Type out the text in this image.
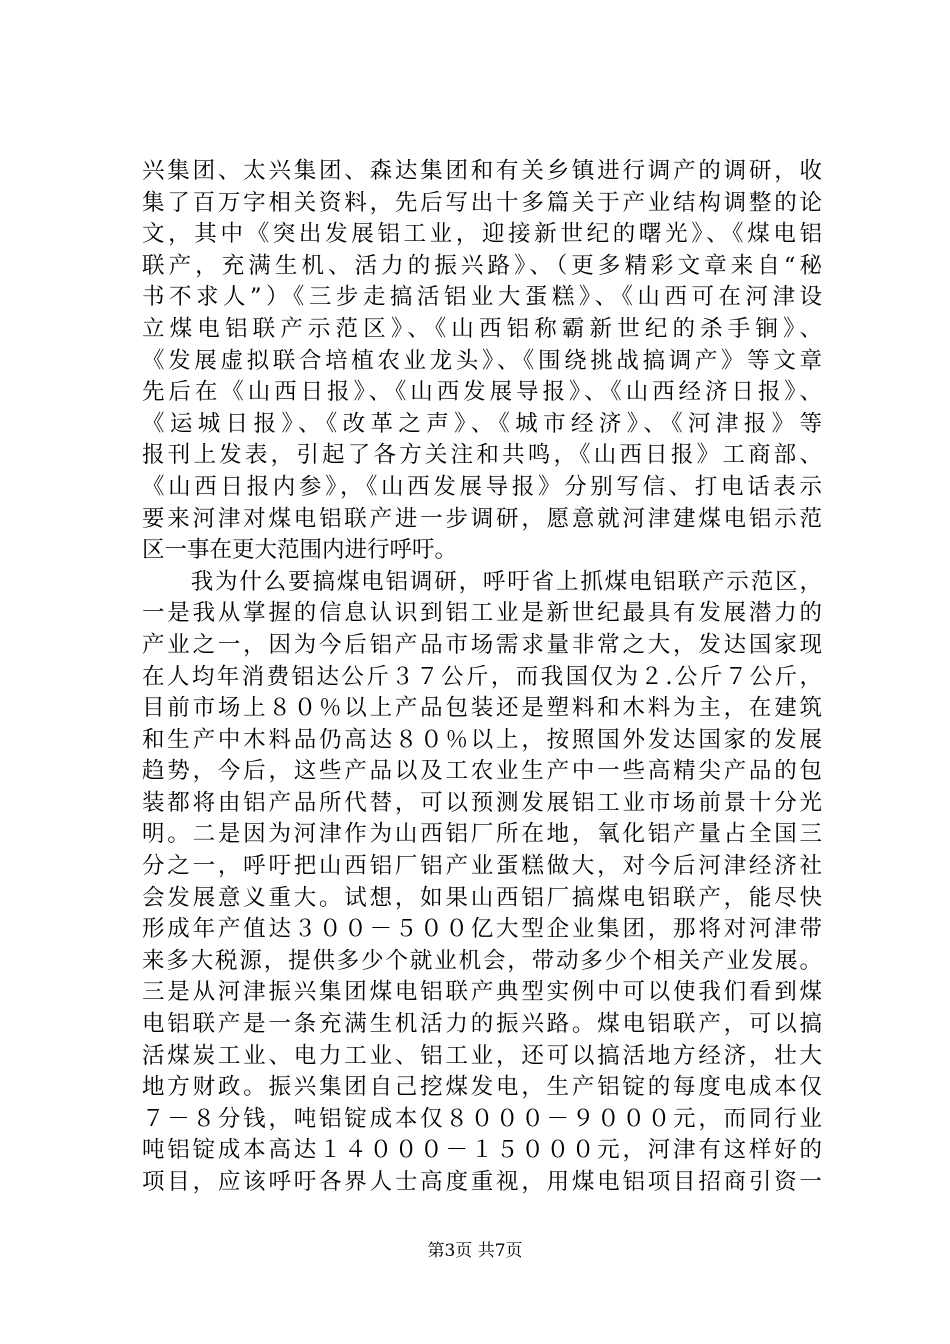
兴集团、太兴集团、森达集团和有关乡镇进行调产的调研，收
集了百万字相关资料，先后写出十多篇关于产业结构调整的论
文，其中《突出发展铝工业，迎接新世纪的曙光》、《煤电铝
联产，充满生机、活力的振兴路》、（更多精彩文章来自“秘
书不求人”）《三步走搞活铝业大蛋糕》、《山西可在河津设
立煤电铝联产示范区》、《山西铝称霸新世纪的杀手锏》、
《发展虚拟联合培植农业龙头》、《围绕挑战搞调产》等文章
先后在《山西日报》、《山西发展导报》、《山西经济日报》、
《运城日报》、《改革之声》、《城市经济》、《河津报》等
报刊上发表，引起了各方关注和共鸣，《山西日报》工商部、
《山西日报内参》，《山西发展导报》分别写信、打电话表示
要来河津对煤电铝联产进一步调研，愿意就河津建煤电铝示范
区一事在更大范围内进行呼吁。
　　我为什么要搞煤电铝调研，呼吁省上抓煤电铝联产示范区，
一是我从掌握的信息认识到铝工业是新世纪最具有发展潜力的
产业之一，因为今后铝产品市场需求量非常之大，发达国家现
在人均年消费铝达公斤３７公斤，而我国仅为２.公斤７公斤，
目前市场上８０％以上产品包装还是塑料和木料为主，在建筑
和生产中木料品仍高达８０％以上，按照国外发达国家的发展
趋势，今后，这些产品以及工农业生产中一些高精尖产品的包
装都将由铝产品所代替，可以预测发展铝工业市场前景十分光
明。二是因为河津作为山西铝厂所在地，氧化铝产量占全国三
分之一，呼吁把山西铝厂铝产业蛋糕做大，对今后河津经济社
会发展意义重大。试想，如果山西铝厂搞煤电铝联产，能尽快
形成年产值达３００－５００亿大型企业集团，那将对河津带
来多大税源，提供多少个就业机会，带动多少个相关产业发展。
三是从河津振兴集团煤电铝联产典型实例中可以使我们看到煤
电铝联产是一条充满生机活力的振兴路。煤电铝联产，可以搞
活煤炭工业、电力工业、铝工业，还可以搞活地方经济，壮大
地方财政。振兴集团自己挖煤发电，生产铝锭的每度电成本仅
７－８分钱，吨铝锭成本仅８０００－９０００元，而同行业
吨铝锭成本高达１４０００－１５０００元，河津有这样好的
项目，应该呼吁各界人士高度重视，用煤电铝项目招商引资一
第3页 共7页
